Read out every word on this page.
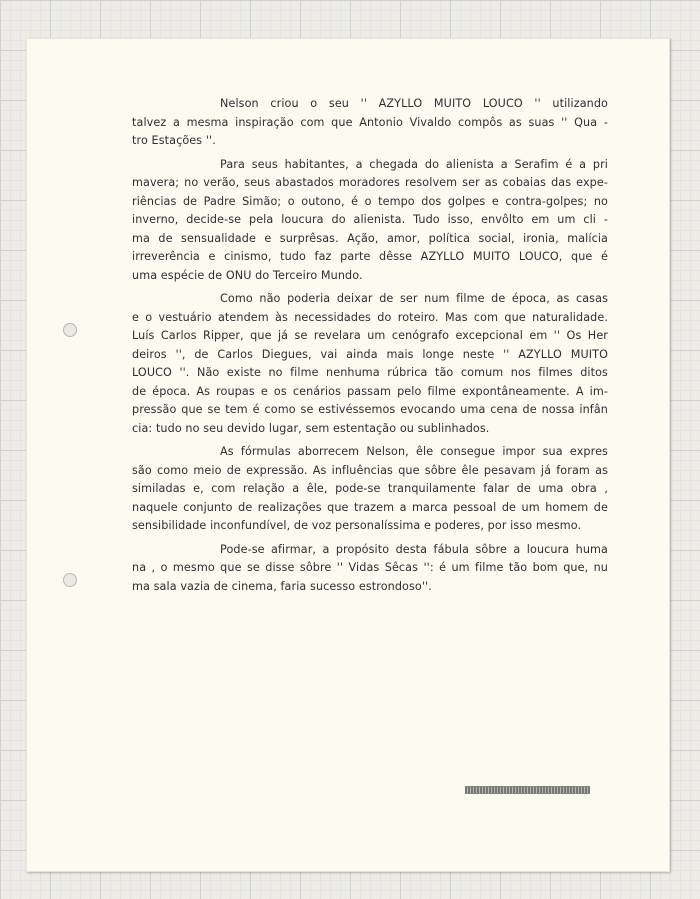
Nelson criou o seu '' AZYLLO MUITO LOUCO '' utilizando
talvez a mesma inspiração com que Antonio Vivaldo compôs as suas '' Qua -
tro Estações ''.
Para seus habitantes, a chegada do alienista a Serafim é a pri
mavera; no verão, seus abastados moradores resolvem ser as cobaias das expe-
riências de Padre Simão; o outono, é o tempo dos golpes e contra-golpes; no
inverno, decide-se pela loucura do alienista. Tudo isso, envôlto em um cli -
ma de sensualidade e surprêsas. Ação, amor, política social, ironia, malícia
irreverência e cinismo, tudo faz parte dêsse AZYLLO MUITO LOUCO, que é
uma espécie de ONU do Terceiro Mundo.
Como não poderia deixar de ser num filme de época, as casas
e o vestuário atendem às necessidades do roteiro. Mas com que naturalidade.
Luís Carlos Ripper, que já se revelara um cenógrafo excepcional em '' Os Her
deiros '', de Carlos Diegues, vai ainda mais longe neste '' AZYLLO MUITO
LOUCO ''. Não existe no filme nenhuma rúbrica tão comum nos filmes ditos
de época. As roupas e os cenários passam pelo filme expontâneamente. A im-
pressão que se tem é como se estivéssemos evocando uma cena de nossa infân
cia: tudo no seu devido lugar, sem estentação ou sublinhados.
As fórmulas aborrecem Nelson, êle consegue impor sua expres
são como meio de expressão. As influências que sôbre êle pesavam já foram as
similadas e, com relação a êle, pode-se tranquilamente falar de uma obra ,
naquele conjunto de realizações que trazem a marca pessoal de um homem de
sensibilidade inconfundível, de voz personalíssima e poderes, por isso mesmo.
Pode-se afirmar, a propósito desta fábula sôbre a loucura huma
na , o mesmo que se disse sôbre '' Vidas Sêcas '': é um filme tão bom que, nu
ma sala vazia de cinema, faria sucesso estrondoso''.
